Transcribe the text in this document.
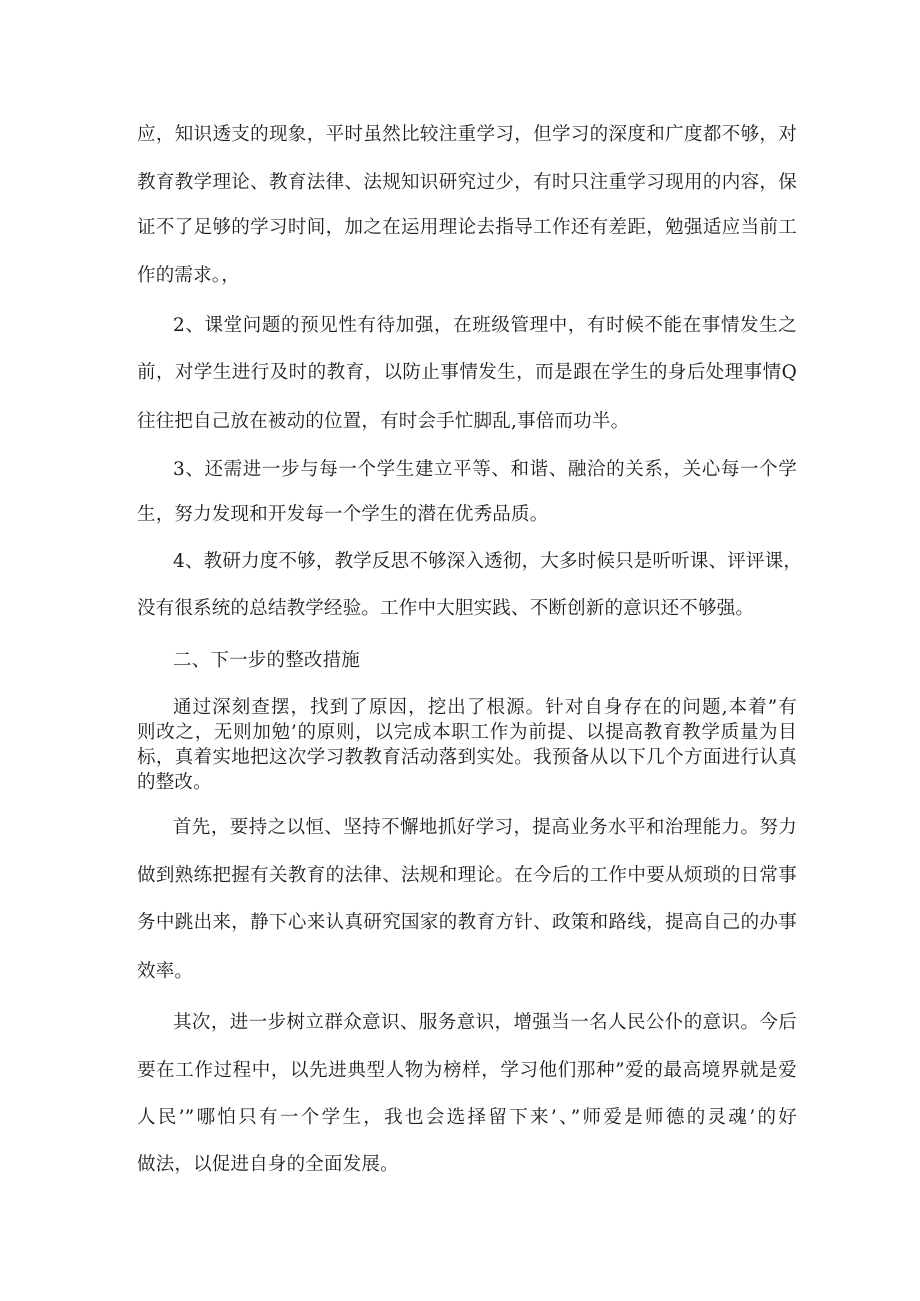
应，知识透支的现象，平时虽然比较注重学习，但学习的深度和广度都不够，对
教育教学理论、教育法律、法规知识研究过少，有时只注重学习现用的内容，保
证不了足够的学习时间，加之在运用理论去指导工作还有差距，勉强适应当前工
作的需求。，
2、课堂问题的预见性有待加强，在班级管理中，有时候不能在事情发生之
前，对学生进行及时的教育，以防止事情发生，而是跟在学生的身后处理事情Q
往往把自己放在被动的位置，有时会手忙脚乱,事倍而功半。
3、还需进一步与每一个学生建立平等、和谐、融洽的关系，关心每一个学
生，努力发现和开发每一个学生的潜在优秀品质。
4、教研力度不够，教学反思不够深入透彻，大多时候只是听听课、评评课，
没有很系统的总结教学经验。工作中大胆实践、不断创新的意识还不够强。
二、下一步的整改措施
通过深刻查摆，找到了原因，挖出了根源。针对自身存在的问题,本着”有
则改之，无则加勉’的原则，以完成本职工作为前提、以提高教育教学质量为目
标，真着实地把这次学习教教育活动落到实处。我预备从以下几个方面进行认真
的整改。
首先，要持之以恒、坚持不懈地抓好学习，提高业务水平和治理能力。努力
做到熟练把握有关教育的法律、法规和理论。在今后的工作中要从烦琐的日常事
务中跳出来，静下心来认真研究国家的教育方针、政策和路线，提高自己的办事
效率。
其次，进一步树立群众意识、服务意识，增强当一名人民公仆的意识。今后
要在工作过程中，以先进典型人物为榜样，学习他们那种”爱的最高境界就是爱
人民’”哪怕只有一个学生，我也会选择留下来’、”师爱是师德的灵魂’的好
做法，以促进自身的全面发展。
